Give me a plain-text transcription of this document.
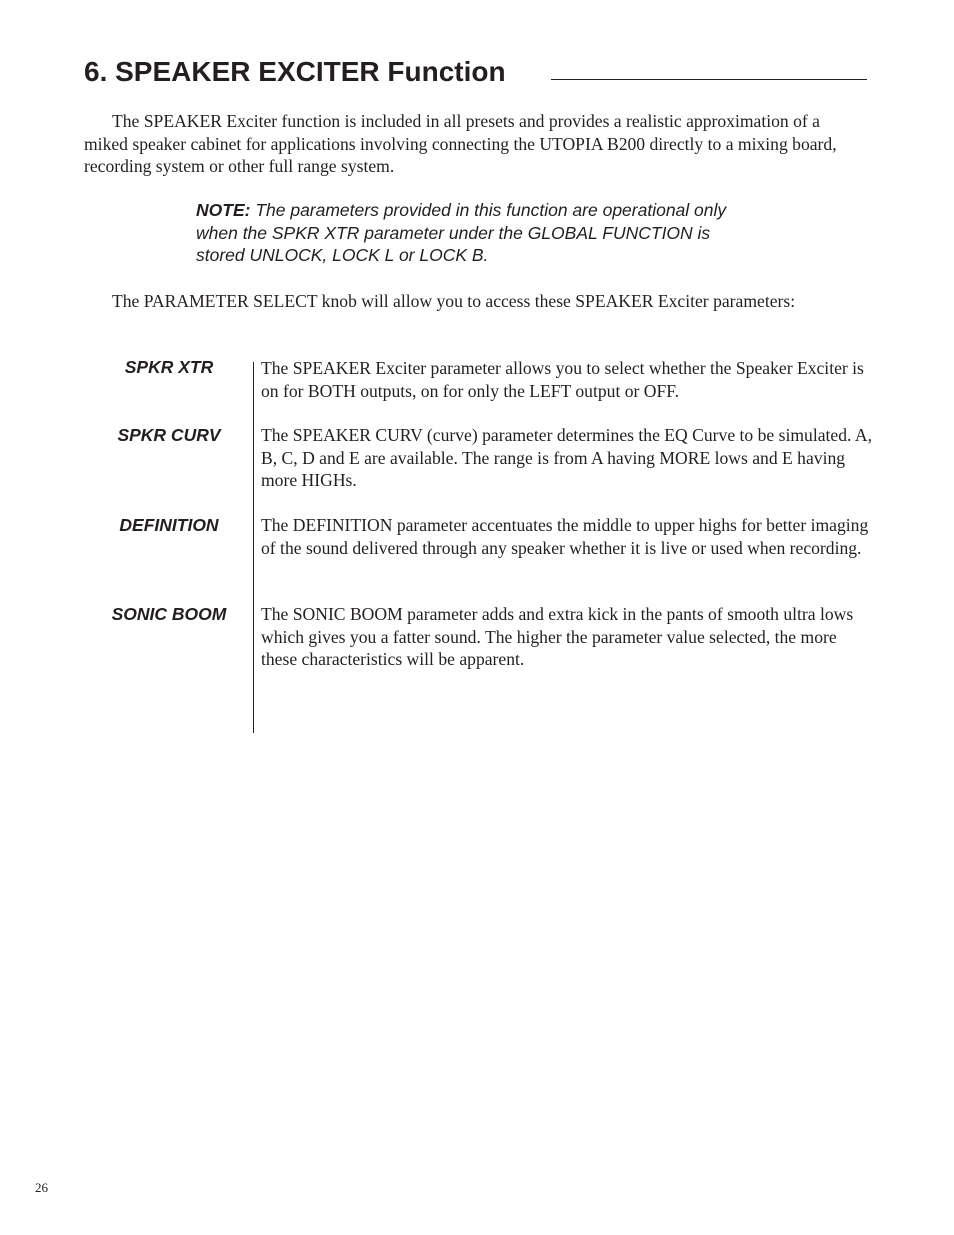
6. SPEAKER EXCITER Function

The SPEAKER Exciter function is included in all presets and provides a realistic approximation of a miked speaker cabinet for applications involving connecting the UTOPIA B200 directly to a mixing board, recording system or other full range system.

NOTE: The parameters provided in this function are operational only when the SPKR XTR parameter under the GLOBAL FUNCTION is stored UNLOCK, LOCK L or LOCK B.

The PARAMETER SELECT knob will allow you to access these SPEAKER Exciter parameters:

SPKR XTR	The SPEAKER Exciter parameter allows you to select whether the Speaker Exciter is on for BOTH outputs, on for only the LEFT output or OFF.

SPKR CURV	The SPEAKER CURV (curve) parameter determines the EQ Curve to be simulated. A, B, C, D and E are available. The range is from A having MORE lows and E having more HIGHs.

DEFINITION	The DEFINITION parameter accentuates the middle to upper highs for better imaging of the sound delivered through any speaker whether it is live or used when recording.

SONIC BOOM	The SONIC BOOM parameter adds and extra kick in the pants of smooth ultra lows which gives you a fatter sound. The higher the parameter value selected, the more these characteristics will be apparent.

26
